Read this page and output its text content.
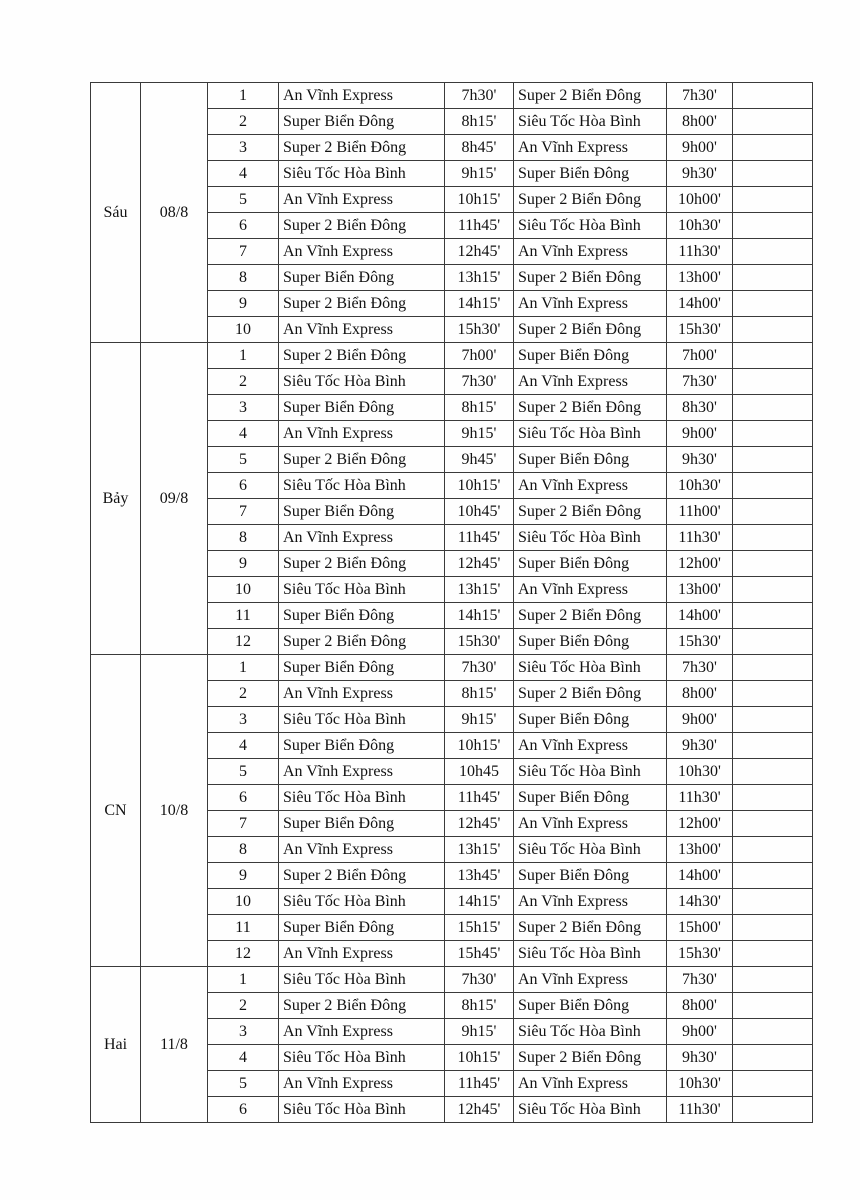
Sáu	08/8	1	An Vĩnh Express	7h30'	Super 2 Biển Đông	7h30'	
		2	Super Biển Đông	8h15'	Siêu Tốc Hòa Bình	8h00'	
		3	Super 2 Biển Đông	8h45'	An Vĩnh Express	9h00'	
		4	Siêu Tốc Hòa Bình	9h15'	Super Biển Đông	9h30'	
		5	An Vĩnh Express	10h15'	Super 2 Biển Đông	10h00'	
		6	Super 2 Biển Đông	11h45'	Siêu Tốc Hòa Bình	10h30'	
		7	An Vĩnh Express	12h45'	An Vĩnh Express	11h30'	
		8	Super Biển Đông	13h15'	Super 2 Biển Đông	13h00'	
		9	Super 2 Biển Đông	14h15'	An Vĩnh Express	14h00'	
		10	An Vĩnh Express	15h30'	Super 2 Biển Đông	15h30'	
Bảy	09/8	1	Super 2 Biển Đông	7h00'	Super Biển Đông	7h00'	
		2	Siêu Tốc Hòa Bình	7h30'	An Vĩnh Express	7h30'	
		3	Super Biển Đông	8h15'	Super 2 Biển Đông	8h30'	
		4	An Vĩnh Express	9h15'	Siêu Tốc Hòa Bình	9h00'	
		5	Super 2 Biển Đông	9h45'	Super Biển Đông	9h30'	
		6	Siêu Tốc Hòa Bình	10h15'	An Vĩnh Express	10h30'	
		7	Super Biển Đông	10h45'	Super 2 Biển Đông	11h00'	
		8	An Vĩnh Express	11h45'	Siêu Tốc Hòa Bình	11h30'	
		9	Super 2 Biển Đông	12h45'	Super Biển Đông	12h00'	
		10	Siêu Tốc Hòa Bình	13h15'	An Vĩnh Express	13h00'	
		11	Super Biển Đông	14h15'	Super 2 Biển Đông	14h00'	
		12	Super 2 Biển Đông	15h30'	Super Biển Đông	15h30'	
CN	10/8	1	Super Biển Đông	7h30'	Siêu Tốc Hòa Bình	7h30'	
		2	An Vĩnh Express	8h15'	Super 2 Biển Đông	8h00'	
		3	Siêu Tốc Hòa Bình	9h15'	Super Biển Đông	9h00'	
		4	Super Biển Đông	10h15'	An Vĩnh Express	9h30'	
		5	An Vĩnh Express	10h45	Siêu Tốc Hòa Bình	10h30'	
		6	Siêu Tốc Hòa Bình	11h45'	Super Biển Đông	11h30'	
		7	Super Biển Đông	12h45'	An Vĩnh Express	12h00'	
		8	An Vĩnh Express	13h15'	Siêu Tốc Hòa Bình	13h00'	
		9	Super 2 Biển Đông	13h45'	Super Biển Đông	14h00'	
		10	Siêu Tốc Hòa Bình	14h15'	An Vĩnh Express	14h30'	
		11	Super Biển Đông	15h15'	Super 2 Biển Đông	15h00'	
		12	An Vĩnh Express	15h45'	Siêu Tốc Hòa Bình	15h30'	
Hai	11/8	1	Siêu Tốc Hòa Bình	7h30'	An Vĩnh Express	7h30'	
		2	Super 2 Biển Đông	8h15'	Super Biển Đông	8h00'	
		3	An Vĩnh Express	9h15'	Siêu Tốc Hòa Bình	9h00'	
		4	Siêu Tốc Hòa Bình	10h15'	Super 2 Biển Đông	9h30'	
		5	An Vĩnh Express	11h45'	An Vĩnh Express	10h30'	
		6	Siêu Tốc Hòa Bình	12h45'	Siêu Tốc Hòa Bình	11h30'	
